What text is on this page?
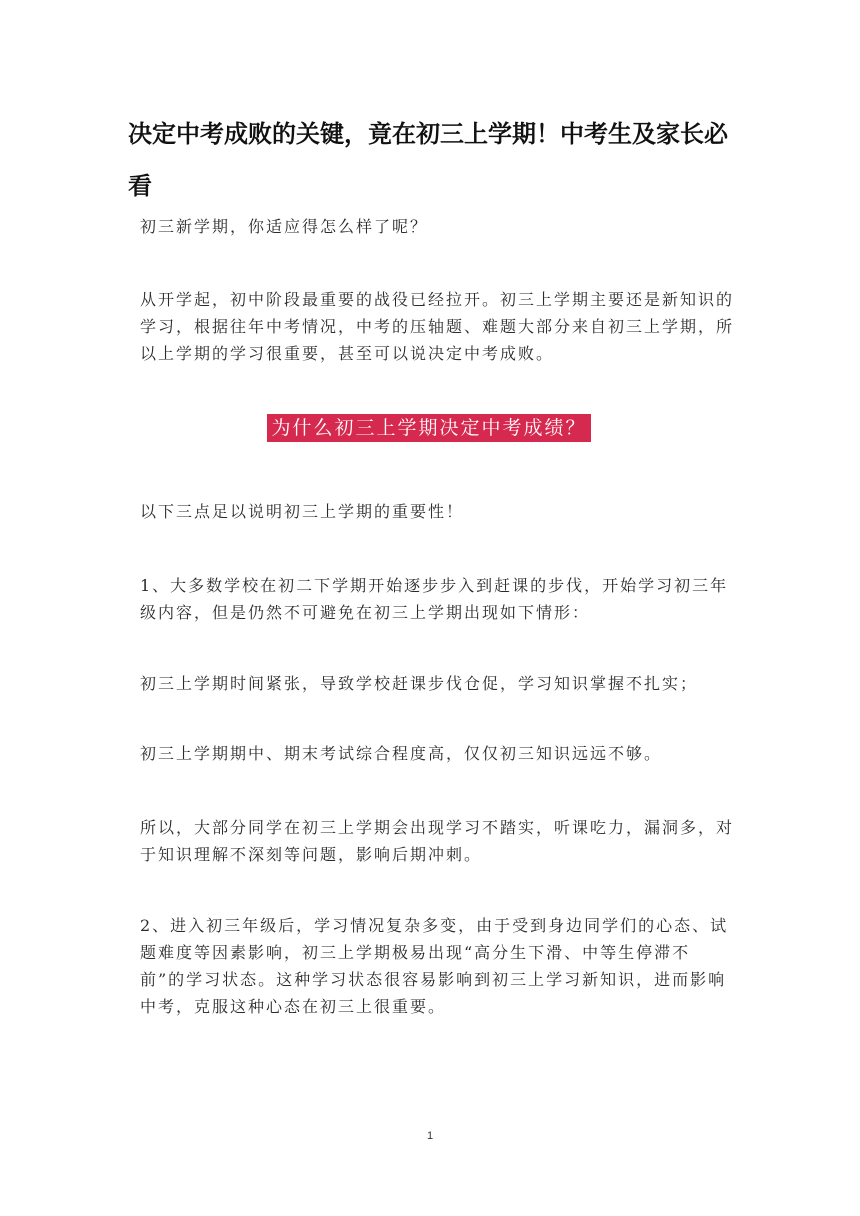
决定中考成败的关键，竟在初三上学期！中考生及家长必看

初三新学期，你适应得怎么样了呢？

从开学起，初中阶段最重要的战役已经拉开。初三上学期主要还是新知识的学习，根据往年中考情况，中考的压轴题、难题大部分来自初三上学期，所以上学期的学习很重要，甚至可以说决定中考成败。

为什么初三上学期决定中考成绩？

以下三点足以说明初三上学期的重要性！

1、大多数学校在初二下学期开始逐步步入到赶课的步伐，开始学习初三年级内容，但是仍然不可避免在初三上学期出现如下情形：

初三上学期时间紧张，导致学校赶课步伐仓促，学习知识掌握不扎实；

初三上学期期中、期末考试综合程度高，仅仅初三知识远远不够。

所以，大部分同学在初三上学期会出现学习不踏实，听课吃力，漏洞多，对于知识理解不深刻等问题，影响后期冲刺。

2、进入初三年级后，学习情况复杂多变，由于受到身边同学们的心态、试题难度等因素影响，初三上学期极易出现“高分生下滑、中等生停滞不前”的学习状态。这种学习状态很容易影响到初三上学习新知识，进而影响中考，克服这种心态在初三上很重要。

1
